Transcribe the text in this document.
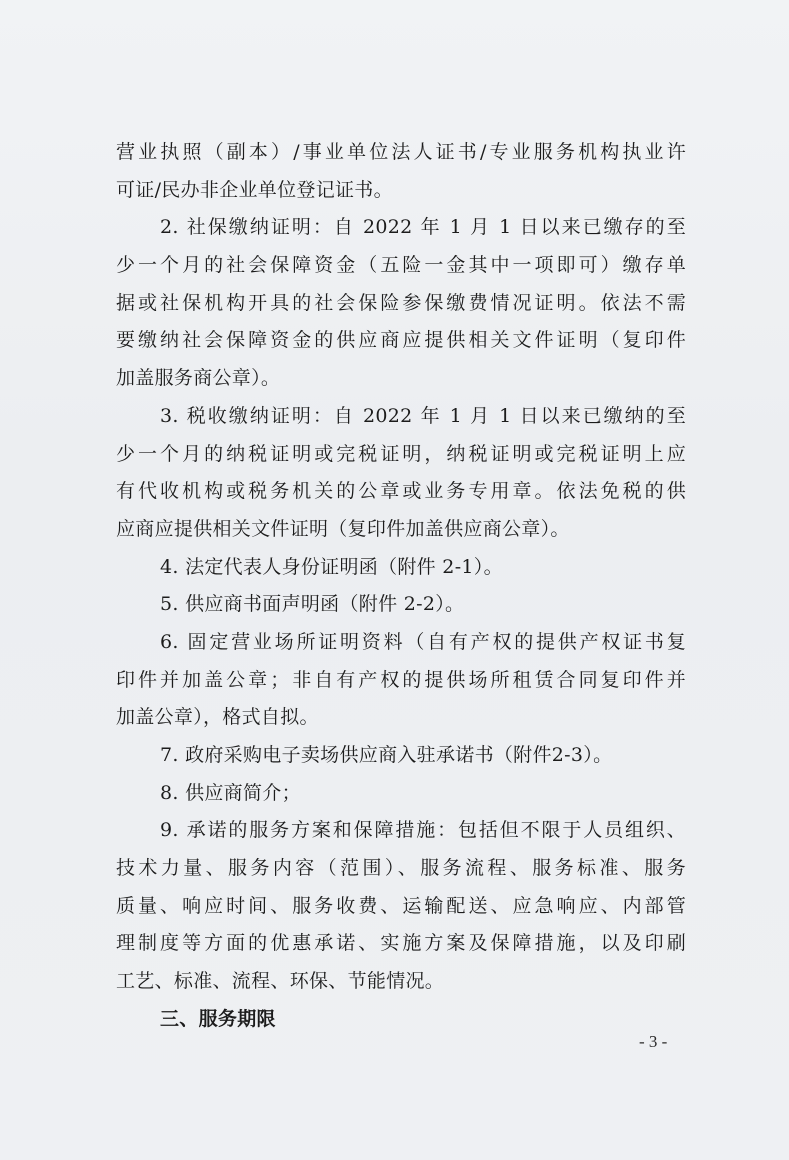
营业执照（副本）/事业单位法人证书/专业服务机构执业许
可证/民办非企业单位登记证书。
2. 社保缴纳证明：自 2022 年 1 月 1 日以来已缴存的至
少一个月的社会保障资金（五险一金其中一项即可）缴存单
据或社保机构开具的社会保险参保缴费情况证明。依法不需
要缴纳社会保障资金的供应商应提供相关文件证明（复印件
加盖服务商公章）。
3. 税收缴纳证明：自 2022 年 1 月 1 日以来已缴纳的至
少一个月的纳税证明或完税证明，纳税证明或完税证明上应
有代收机构或税务机关的公章或业务专用章。依法免税的供
应商应提供相关文件证明（复印件加盖供应商公章）。
4. 法定代表人身份证明函（附件 2-1）。
5. 供应商书面声明函（附件 2-2）。
6. 固定营业场所证明资料（自有产权的提供产权证书复
印件并加盖公章；非自有产权的提供场所租赁合同复印件并
加盖公章），格式自拟。
7. 政府采购电子卖场供应商入驻承诺书（附件2-3）。
8. 供应商简介；
9. 承诺的服务方案和保障措施：包括但不限于人员组织、
技术力量、服务内容（范围）、服务流程、服务标准、服务
质量、响应时间、服务收费、运输配送、应急响应、内部管
理制度等方面的优惠承诺、实施方案及保障措施，以及印刷
工艺、标准、流程、环保、节能情况。
三、服务期限
- 3 -
